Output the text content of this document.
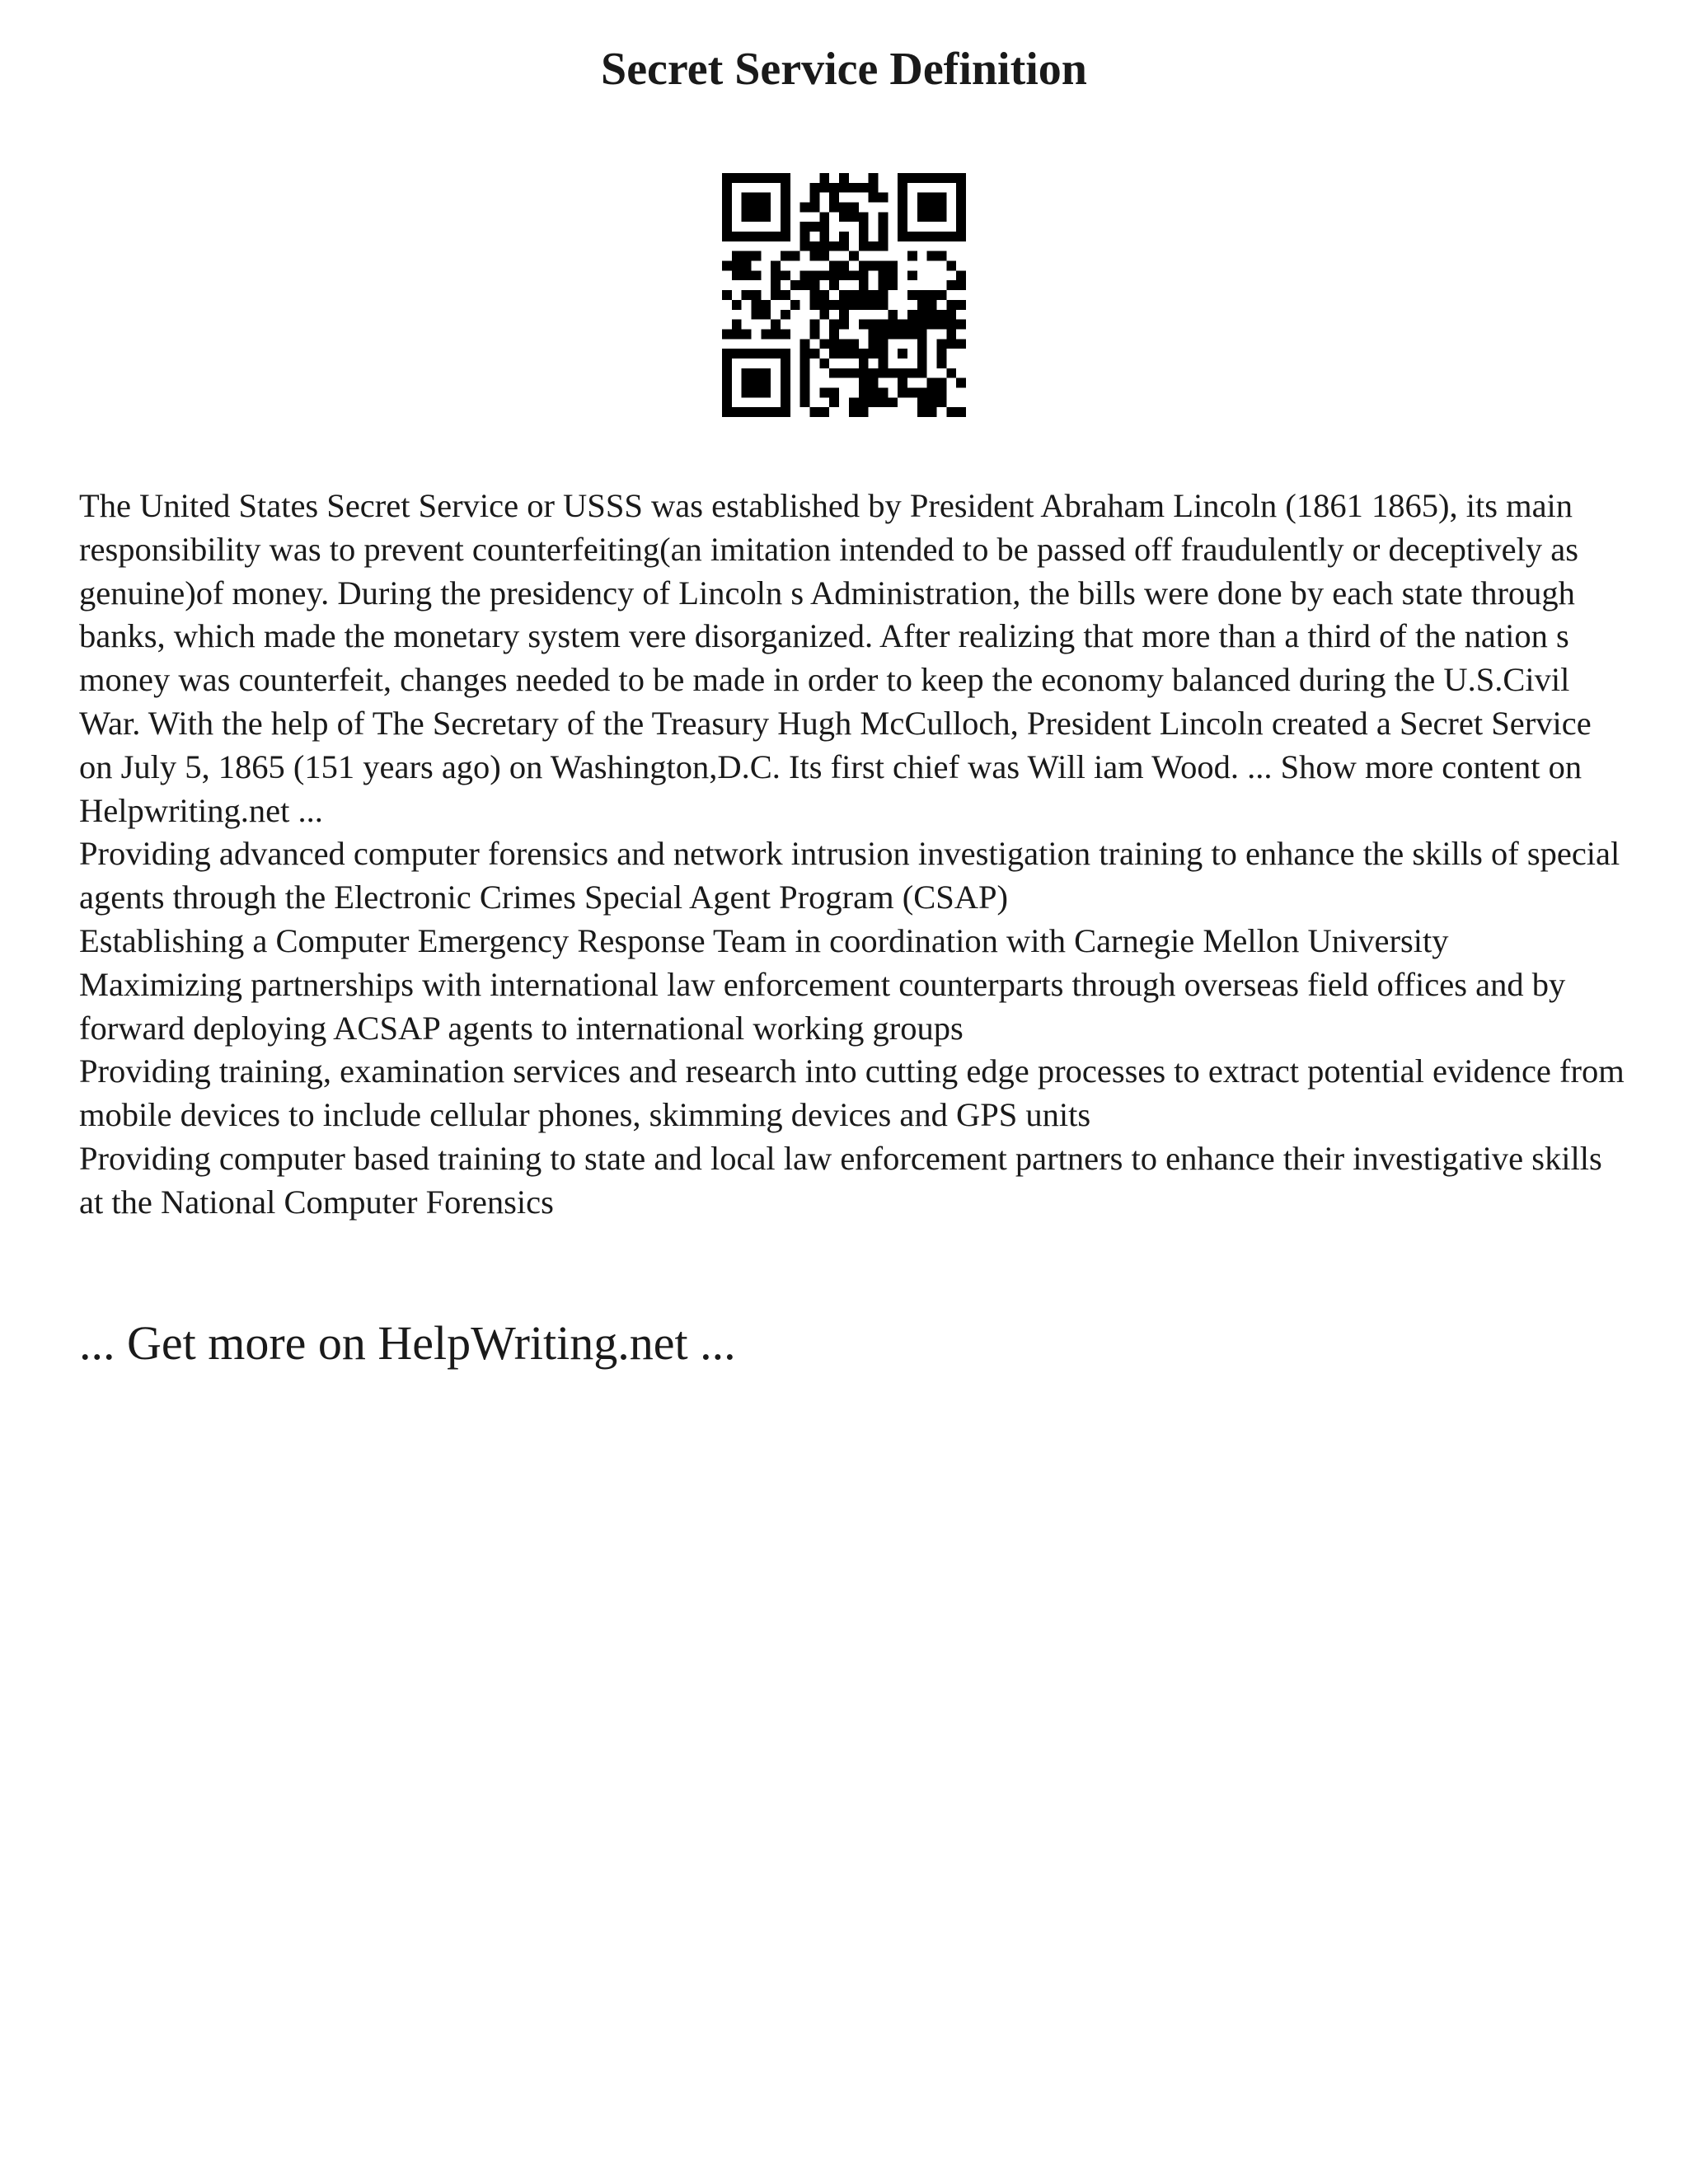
Secret Service Definition

The United States Secret Service or USSS was established by President Abraham Lincoln (1861 1865), its main responsibility was to prevent counterfeiting(an imitation intended to be passed off fraudulently or deceptively as genuine)of money. During the presidency of Lincoln s Administration, the bills were done by each state through banks, which made the monetary system vere disorganized. After realizing that more than a third of the nation s money was counterfeit, changes needed to be made in order to keep the economy balanced during the U.S.Civil War. With the help of The Secretary of the Treasury Hugh McCulloch, President Lincoln created a Secret Service on July 5, 1865 (151 years ago) on Washington,D.C. Its first chief was Will iam Wood. ... Show more content on Helpwriting.net ...

Providing advanced computer forensics and network intrusion investigation training to enhance the skills of special agents through the Electronic Crimes Special Agent Program (CSAP)

Establishing a Computer Emergency Response Team in coordination with Carnegie Mellon University

Maximizing partnerships with international law enforcement counterparts through overseas field offices and by forward deploying ACSAP agents to international working groups

Providing training, examination services and research into cutting edge processes to extract potential evidence from mobile devices to include cellular phones, skimming devices and GPS units

Providing computer based training to state and local law enforcement partners to enhance their investigative skills at the National Computer Forensics

... Get more on HelpWriting.net ...
